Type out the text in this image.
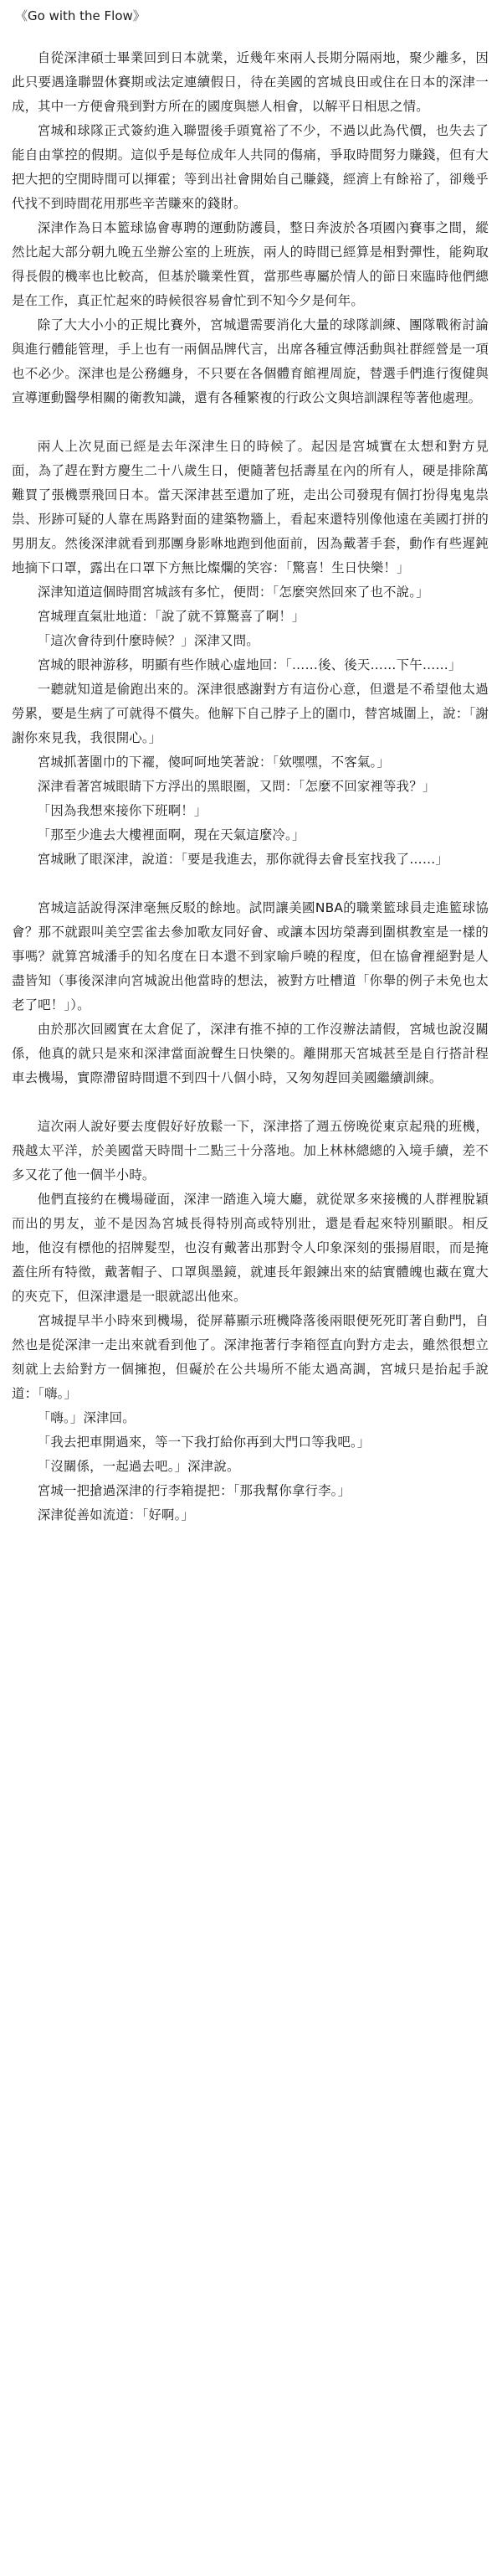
《Go with the Flow》

自從深津碩士畢業回到日本就業，近幾年來兩人長期分隔兩地，聚少離多，因此只要遇逢聯盟休賽期或法定連續假日，待在美國的宮城良田或住在日本的深津一成，其中一方便會飛到對方所在的國度與戀人相會，以解平日相思之情。

宮城和球隊正式簽約進入聯盟後手頭寬裕了不少，不過以此為代價，也失去了能自由掌控的假期。這似乎是每位成年人共同的傷痛，爭取時間努力賺錢，但有大把大把的空閒時間可以揮霍；等到出社會開始自己賺錢，經濟上有餘裕了，卻幾乎代找不到時間花用那些辛苦賺來的錢財。

深津作為日本籃球協會專聘的運動防護員，整日奔波於各項國內賽事之間，縱然比起大部分朝九晚五坐辦公室的上班族，兩人的時間已經算是相對彈性，能夠取得長假的機率也比較高，但基於職業性質，當那些專屬於情人的節日來臨時他們總是在工作，真正忙起來的時候很容易會忙到不知今夕是何年。

除了大大小小的正規比賽外，宮城還需要消化大量的球隊訓練、團隊戰術討論與進行體能管理，手上也有一兩個品牌代言，出席各種宣傳活動與社群經營是一項也不必少。深津也是公務纏身，不只要在各個體育館裡周旋，替選手們進行復健與宣導運動醫學相關的衛教知識，還有各種繁複的行政公文與培訓課程等著他處理。

兩人上次見面已經是去年深津生日的時候了。起因是宮城實在太想和對方見面，為了趕在對方慶生二十八歲生日，便隨著包括壽星在內的所有人，硬是排除萬難買了張機票飛回日本。當天深津甚至還加了班，走出公司發現有個打扮得鬼鬼祟祟、形跡可疑的人靠在馬路對面的建築物牆上，看起來還特別像他遠在美國打拼的男朋友。然後深津就看到那團身影咻地跑到他面前，因為戴著手套，動作有些遲鈍地摘下口罩，露出在口罩下方無比燦爛的笑容：「驚喜！生日快樂！」

深津知道這個時間宮城該有多忙，便問：「怎麼突然回來了也不說。」

宮城理直氣壯地道：「說了就不算驚喜了啊！」

「這次會待到什麼時候？」深津又問。

宮城的眼神游移，明顯有些作賊心虛地回：「……後、後天……下午……」

一聽就知道是偷跑出來的。深津很感謝對方有這份心意，但還是不希望他太過勞累，要是生病了可就得不償失。他解下自己脖子上的圍巾，替宮城圍上，說：「謝謝你來見我，我很開心。」

宮城抓著圍巾的下襬，傻呵呵地笑著說：「欸嘿嘿，不客氣。」

深津看著宮城眼睛下方浮出的黑眼圈，又問：「怎麼不回家裡等我？」

「因為我想來接你下班啊！」

「那至少進去大樓裡面啊，現在天氣這麼冷。」

宮城瞅了眼深津，說道：「要是我進去，那你就得去會長室找我了……」

宮城這話說得深津毫無反駁的餘地。試問讓美國NBA的職業籃球員走進籃球協會？那不就跟叫美空雲雀去參加歌友同好會、或讓本因坊榮壽到圍棋教室是一樣的事嗎？就算宮城潘手的知名度在日本還不到家喻戶曉的程度，但在協會裡絕對是人盡皆知（事後深津向宮城說出他當時的想法，被對方吐槽道「你舉的例子未免也太老了吧！」）。

由於那次回國實在太倉促了，深津有推不掉的工作沒辦法請假，宮城也說沒關係，他真的就只是來和深津當面說聲生日快樂的。離開那天宮城甚至是自行搭計程車去機場，實際滯留時間還不到四十八個小時，又匆匆趕回美國繼續訓練。

這次兩人說好要去度假好好放鬆一下，深津搭了週五傍晚從東京起飛的班機，飛越太平洋，於美國當天時間十二點三十分落地。加上林林總總的入境手續，差不多又花了他一個半小時。

他們直接約在機場碰面，深津一踏進入境大廳，就從眾多來接機的人群裡脫穎而出的男友，並不是因為宮城長得特別高或特別壯，還是看起來特別顯眼。相反地，他沒有標他的招牌髮型，也沒有戴著出那對令人印象深刻的張揚眉眼，而是掩蓋住所有特徵，戴著帽子、口罩與墨鏡，就連長年銀鍊出來的結實體魄也藏在寬大的夾克下，但深津還是一眼就認出他來。

宮城提早半小時來到機場，從屏幕顯示班機降落後兩眼便死死盯著自動門，自然也是從深津一走出來就看到他了。深津拖著行李箱徑直向對方走去，雖然很想立刻就上去給對方一個擁抱，但礙於在公共場所不能太過高調，宮城只是抬起手說道：「嗨。」

「嗨。」深津回。

「我去把車開過來，等一下我打給你再到大門口等我吧。」

「沒關係，一起過去吧。」深津說。

宮城一把搶過深津的行李箱提把：「那我幫你拿行李。」

深津從善如流道：「好啊。」
